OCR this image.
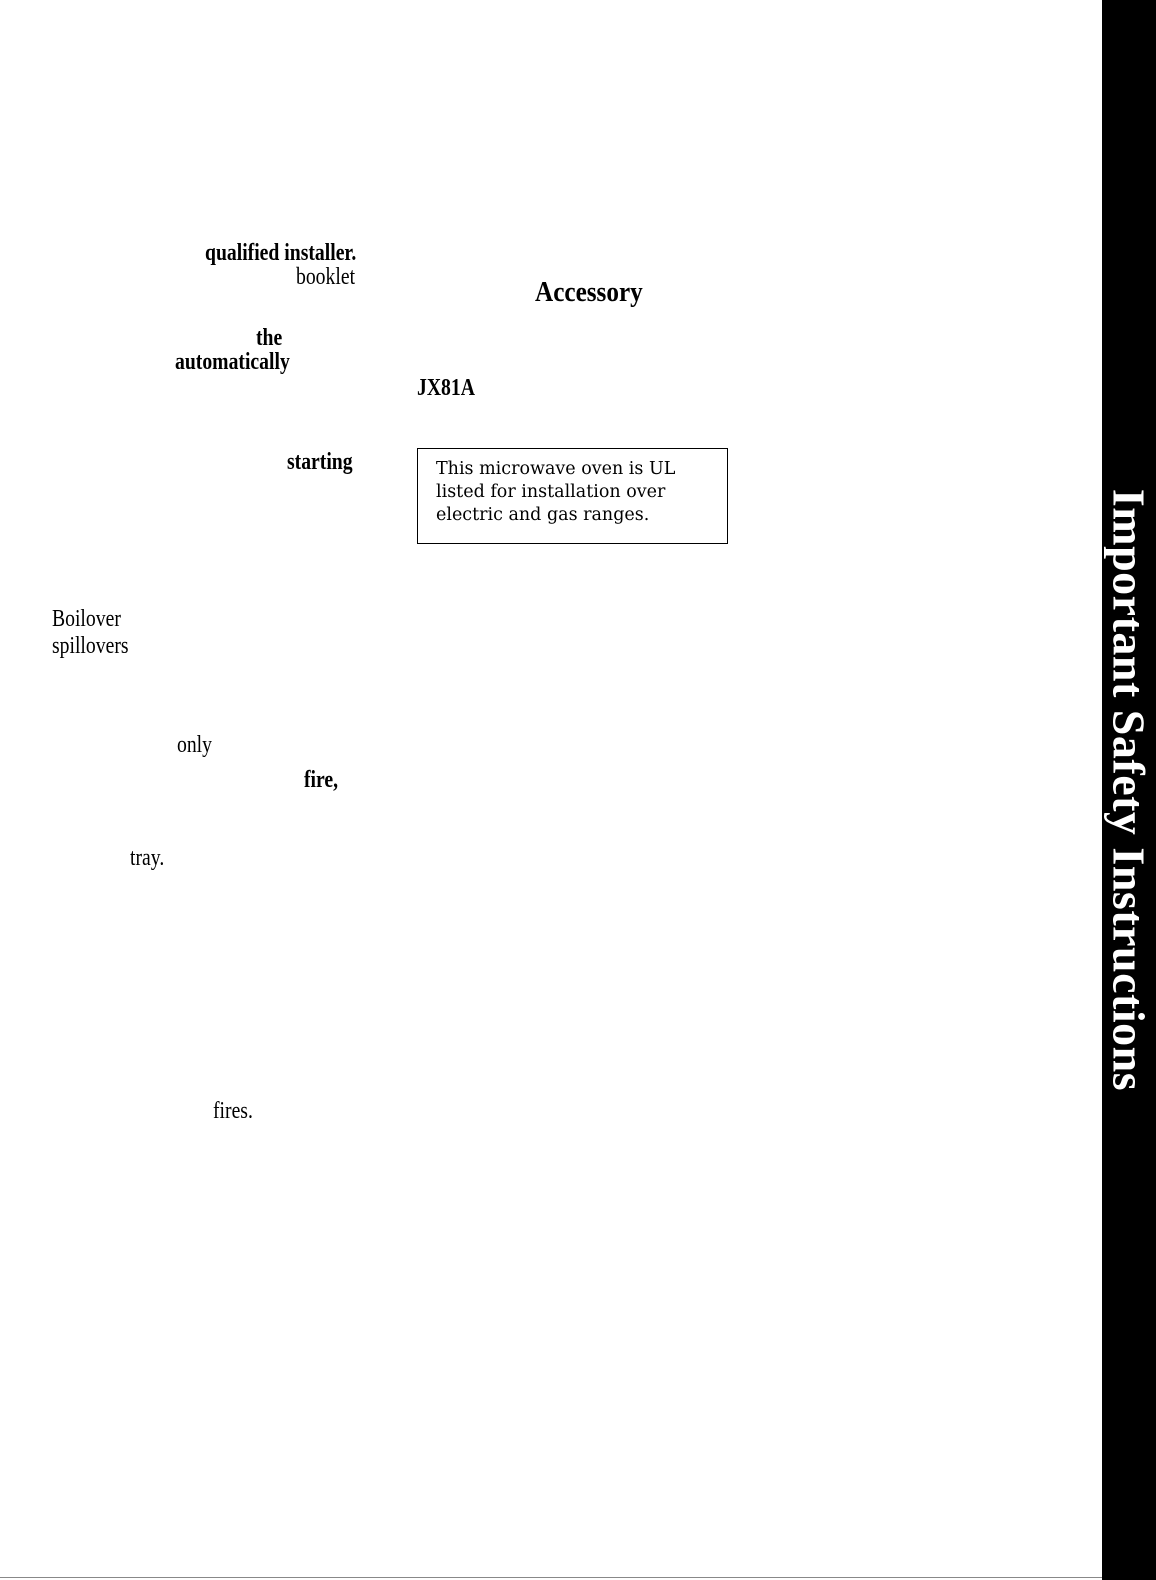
qualified installer.
booklet	Accessory
the
automatically
JX81A
starting	This microwave oven is UL
listed for installation over
electric and gas ranges.
Boilover
spillovers
only
fire,
tray.
fires.
Important Safety Instructions
